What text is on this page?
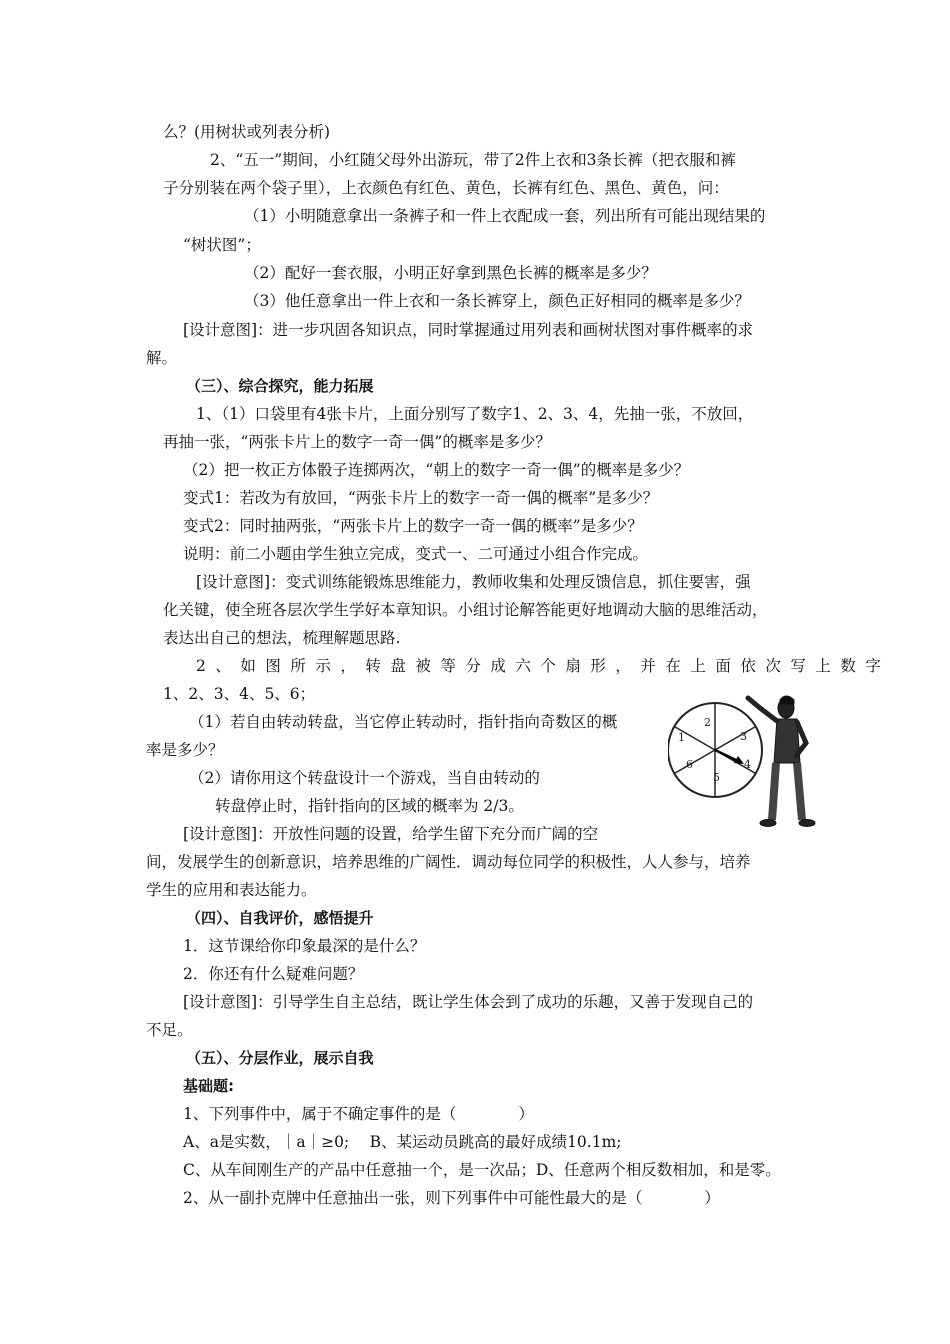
么？(用树状或列表分析)
2、“五一”期间，小红随父母外出游玩，带了2件上衣和3条长裤（把衣服和裤
子分别装在两个袋子里），上衣颜色有红色、黄色，长裤有红色、黑色、黄色，问：
（1）小明随意拿出一条裤子和一件上衣配成一套，列出所有可能出现结果的
“树状图”；
（2）配好一套衣服，小明正好拿到黑色长裤的概率是多少？
（3）他任意拿出一件上衣和一条长裤穿上，颜色正好相同的概率是多少？
[设计意图]：进一步巩固各知识点，同时掌握通过用列表和画树状图对事件概率的求
解。
（三）、综合探究，能力拓展
1、（1）口袋里有4张卡片，上面分别写了数字1、2、3、4，先抽一张，不放回，
再抽一张，“两张卡片上的数字一奇一偶”的概率是多少？
（2）把一枚正方体骰子连掷两次，“朝上的数字一奇一偶”的概率是多少？
变式1：若改为有放回，“两张卡片上的数字一奇一偶的概率”是多少？
变式2：同时抽两张，“两张卡片上的数字一奇一偶的概率”是多少？
说明：前二小题由学生独立完成，变式一、二可通过小组合作完成。
[设计意图]：变式训练能锻炼思维能力，教师收集和处理反馈信息，抓住要害，强
化关键，使全班各层次学生学好本章知识。小组讨论解答能更好地调动大脑的思维活动，
表达出自己的想法，梳理解题思路.
2、如图所示，转盘被等分成六个扇形，并在上面依次写上数字
1、2、3、4、5、6；
（1）若自由转动转盘，当它停止转动时，指针指向奇数区的概
率是多少？
（2）请你用这个转盘设计一个游戏，当自由转动的
转盘停止时，指针指向的区域的概率为 2/3。
[设计意图]：开放性问题的设置，给学生留下充分而广阔的空
间，发展学生的创新意识，培养思维的广阔性．调动每位同学的积极性，人人参与，培养
学生的应用和表达能力。
（四）、自我评价，感悟提升
1．这节课给你印象最深的是什么？
2．你还有什么疑难问题？
[设计意图]：引导学生自主总结，既让学生体会到了成功的乐趣，又善于发现自己的
不足。
（五）、分层作业，展示自我
基础题:
1、下列事件中，属于不确定事件的是（　　　　）
A、a是实数，｜a｜≥0;　 B、某运动员跳高的最好成绩10.1m;
C、从车间刚生产的产品中任意抽一个，是一次品；D、任意两个相反数相加，和是零。
2、从一副扑克牌中任意抽出一张，则下列事件中可能性最大的是（　　　　）
1
2
3
4
5
6
